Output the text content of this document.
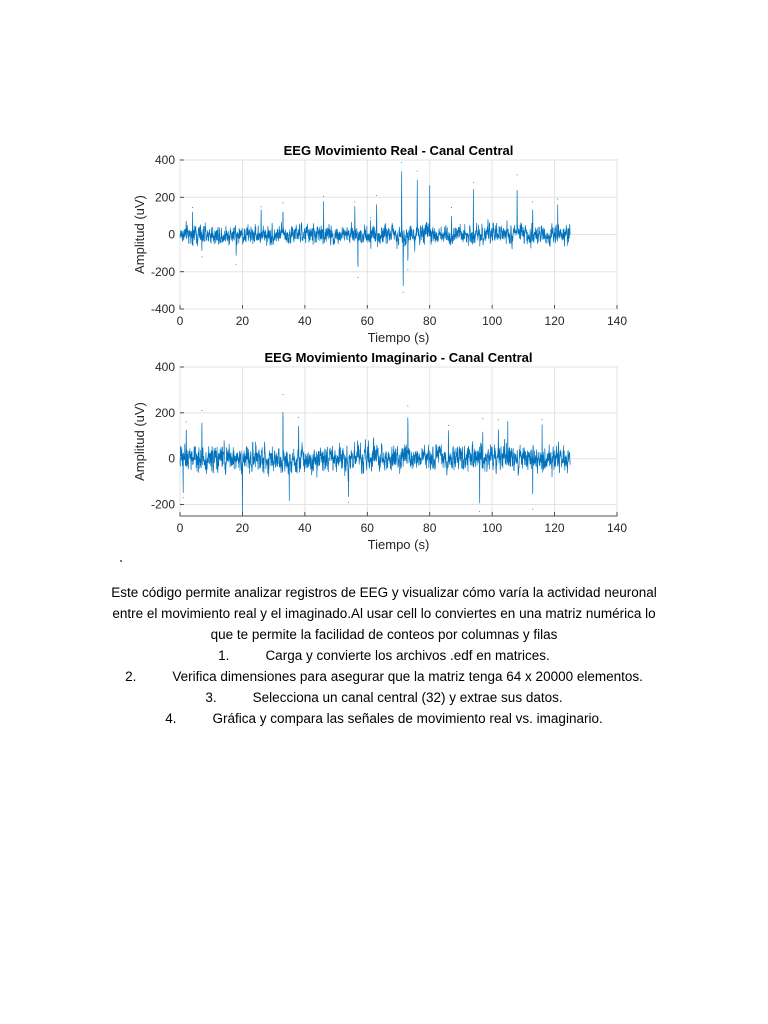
0	20	40	60	80	100	120	140
400
200
0
-200
-400
EEG Movimiento Real - Canal Central
Tiempo (s)
Amplitud (uV)
0	20	40	60	80	100	120	140
400
200
0
-200
EEG Movimiento Imaginario - Canal Central
Tiempo (s)
Amplitud (uV)

Este código permite analizar registros de EEG y visualizar cómo varía la actividad neuronal entre el movimiento real y el imaginado.Al usar cell lo conviertes en una matriz numérica lo que te permite la facilidad de conteos por columnas y filas

1.	Carga y convierte los archivos .edf en matrices.
2.	Verifica dimensiones para asegurar que la matriz tenga 64 x 20000 elementos.
3.	Selecciona un canal central (32) y extrae sus datos.
4.	Gráfica y compara las señales de movimiento real vs. imaginario.
